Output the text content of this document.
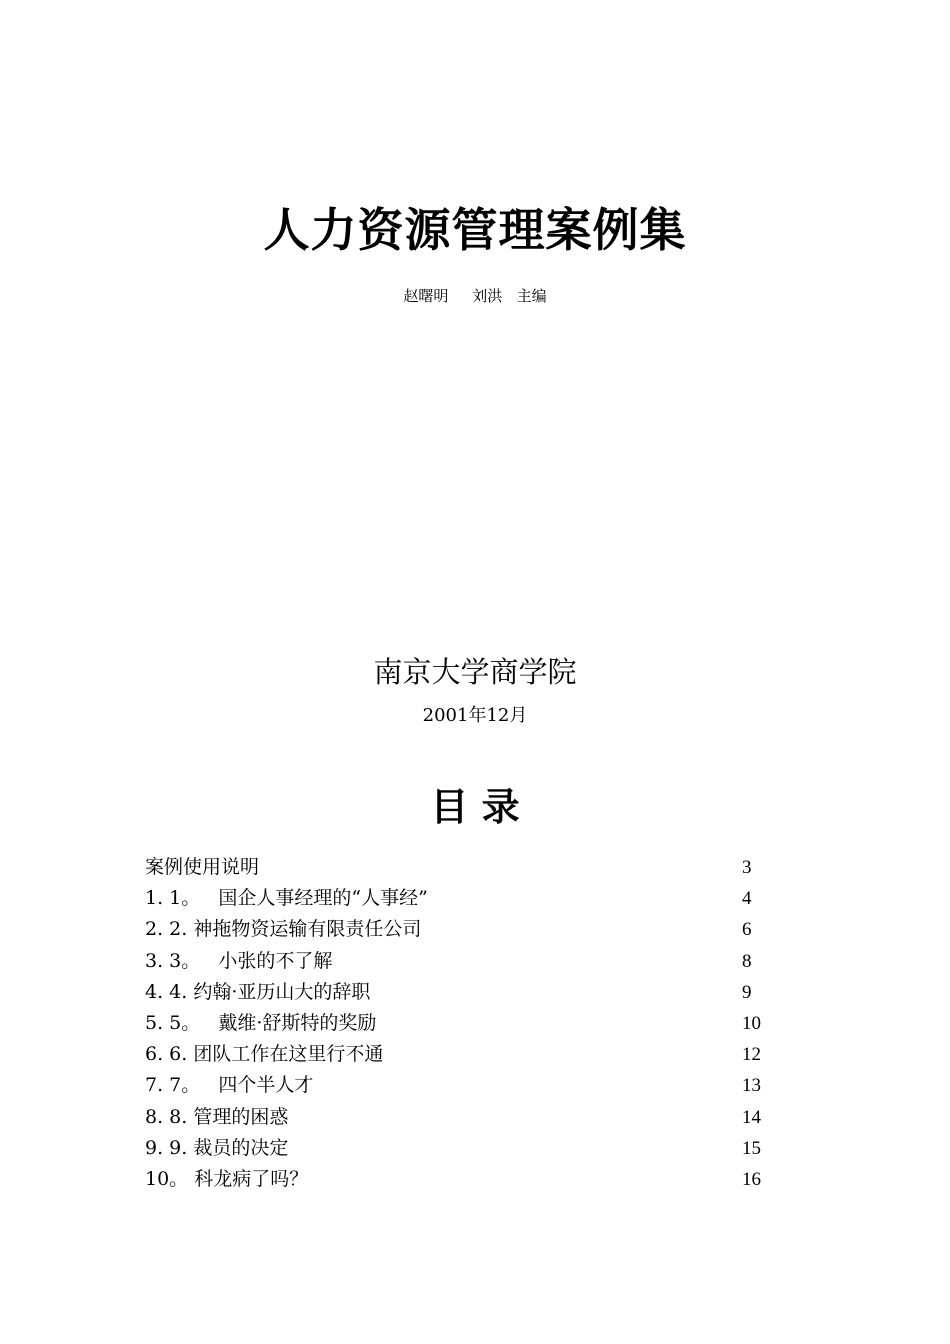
人力资源管理案例集
赵曙明     刘洪   主编
南京大学商学院
2001年12月
目 录
案例使用说明	3
1. 1。   国企人事经理的“人事经”	4
2. 2. 神拖物资运输有限责任公司	6
3. 3。   小张的不了解	8
4. 4. 约翰·亚历山大的辞职	9
5. 5。   戴维·舒斯特的奖励	10
6. 6. 团队工作在这里行不通	12
7. 7。   四个半人才	13
8. 8. 管理的困惑	14
9. 9. 裁员的决定	15
10。 科龙病了吗？	16
